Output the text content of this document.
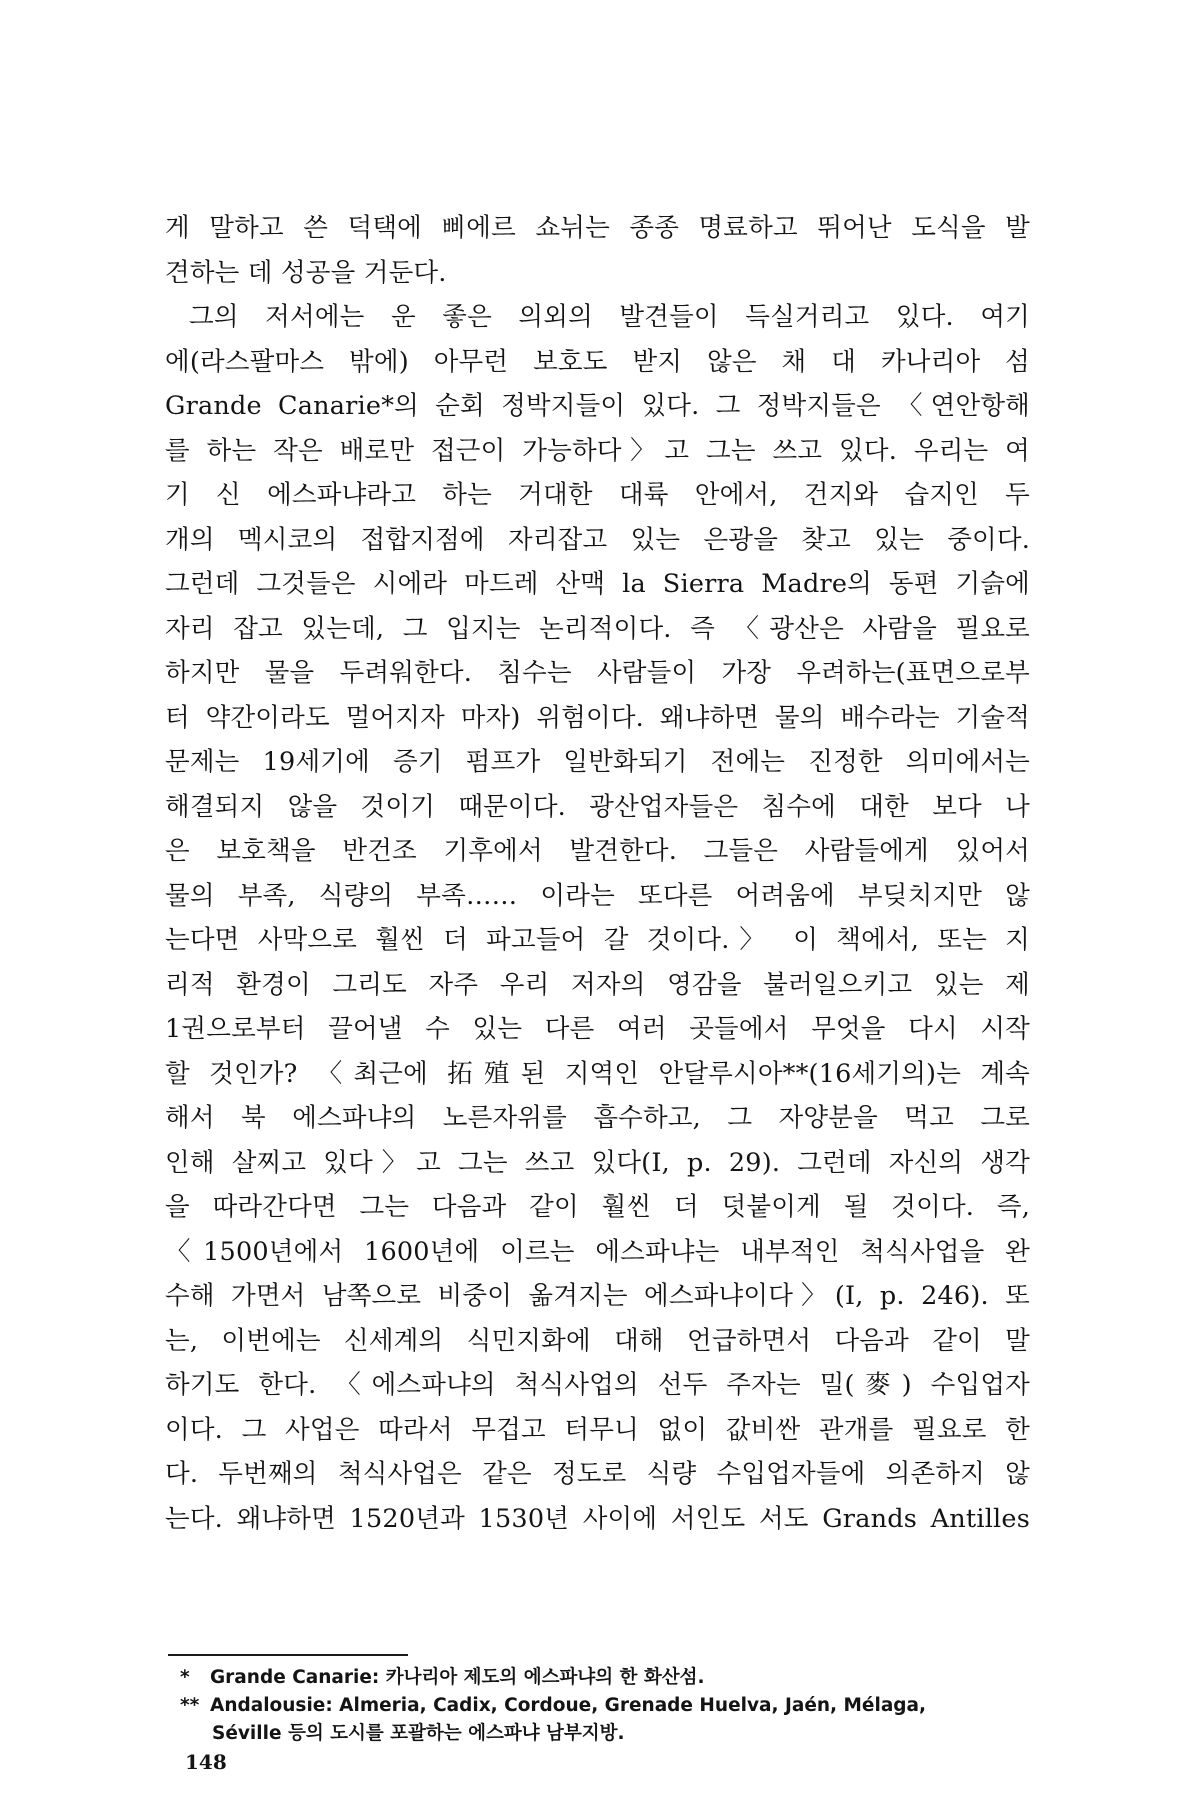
게 말하고 쓴 덕택에 삐에르 쇼뉘는 종종 명료하고 뛰어난 도식을 발
견하는 데 성공을 거둔다.
그의 저서에는 운 좋은 의외의 발견들이 득실거리고 있다. 여기
에(라스팔마스 밖에) 아무런 보호도 받지 않은 채 대 카나리아 섬
Grande Canarie*의 순회 정박지들이 있다. 그 정박지들은 〈연안항해
를 하는 작은 배로만 접근이 가능하다〉고 그는 쓰고 있다. 우리는 여
기 신 에스파냐라고 하는 거대한 대륙 안에서, 건지와 습지인 두
개의 멕시코의 접합지점에 자리잡고 있는 은광을 찾고 있는 중이다.
그런데 그것들은 시에라 마드레 산맥 la Sierra Madre의 동편 기슭에
자리 잡고 있는데, 그 입지는 논리적이다. 즉 〈광산은 사람을 필요로
하지만 물을 두려워한다. 침수는 사람들이 가장 우려하는(표면으로부
터 약간이라도 멀어지자 마자) 위험이다. 왜냐하면 물의 배수라는 기술적
문제는 19세기에 증기 펌프가 일반화되기 전에는 진정한 의미에서는
해결되지 않을 것이기 때문이다. 광산업자들은 침수에 대한 보다 나
은 보호책을 반건조 기후에서 발견한다. 그들은 사람들에게 있어서
물의 부족, 식량의 부족…… 이라는 또다른 어려움에 부딪치지만 않
는다면 사막으로 훨씬 더 파고들어 갈 것이다.〉 이 책에서, 또는 지
리적 환경이 그리도 자주 우리 저자의 영감을 불러일으키고 있는 제
1권으로부터 끌어낼 수 있는 다른 여러 곳들에서 무엇을 다시 시작
할 것인가? 〈최근에 拓殖된 지역인 안달루시아**(16세기의)는 계속
해서 북 에스파냐의 노른자위를 흡수하고, 그 자양분을 먹고 그로
인해 살찌고 있다〉고 그는 쓰고 있다(I, p. 29). 그런데 자신의 생각
을 따라간다면 그는 다음과 같이 훨씬 더 덧붙이게 될 것이다. 즉,
〈1500년에서 1600년에 이르는 에스파냐는 내부적인 척식사업을 완
수해 가면서 남쪽으로 비중이 옮겨지는 에스파냐이다〉(I, p. 246). 또
는, 이번에는 신세계의 식민지화에 대해 언급하면서 다음과 같이 말
하기도 한다. 〈에스파냐의 척식사업의 선두 주자는 밀(麥) 수입업자
이다. 그 사업은 따라서 무겁고 터무니 없이 값비싼 관개를 필요로 한
다. 두번째의 척식사업은 같은 정도로 식량 수입업자들에 의존하지 않
는다. 왜냐하면 1520년과 1530년 사이에 서인도 서도 Grands Antilles
* Grande Canarie: 카나리아 제도의 에스파냐의 한 화산섬.
** Andalousie: Almeria, Cadix, Cordoue, Grenade Huelva, Jaén, Mélaga,
Séville 등의 도시를 포괄하는 에스파냐 남부지방.
148
